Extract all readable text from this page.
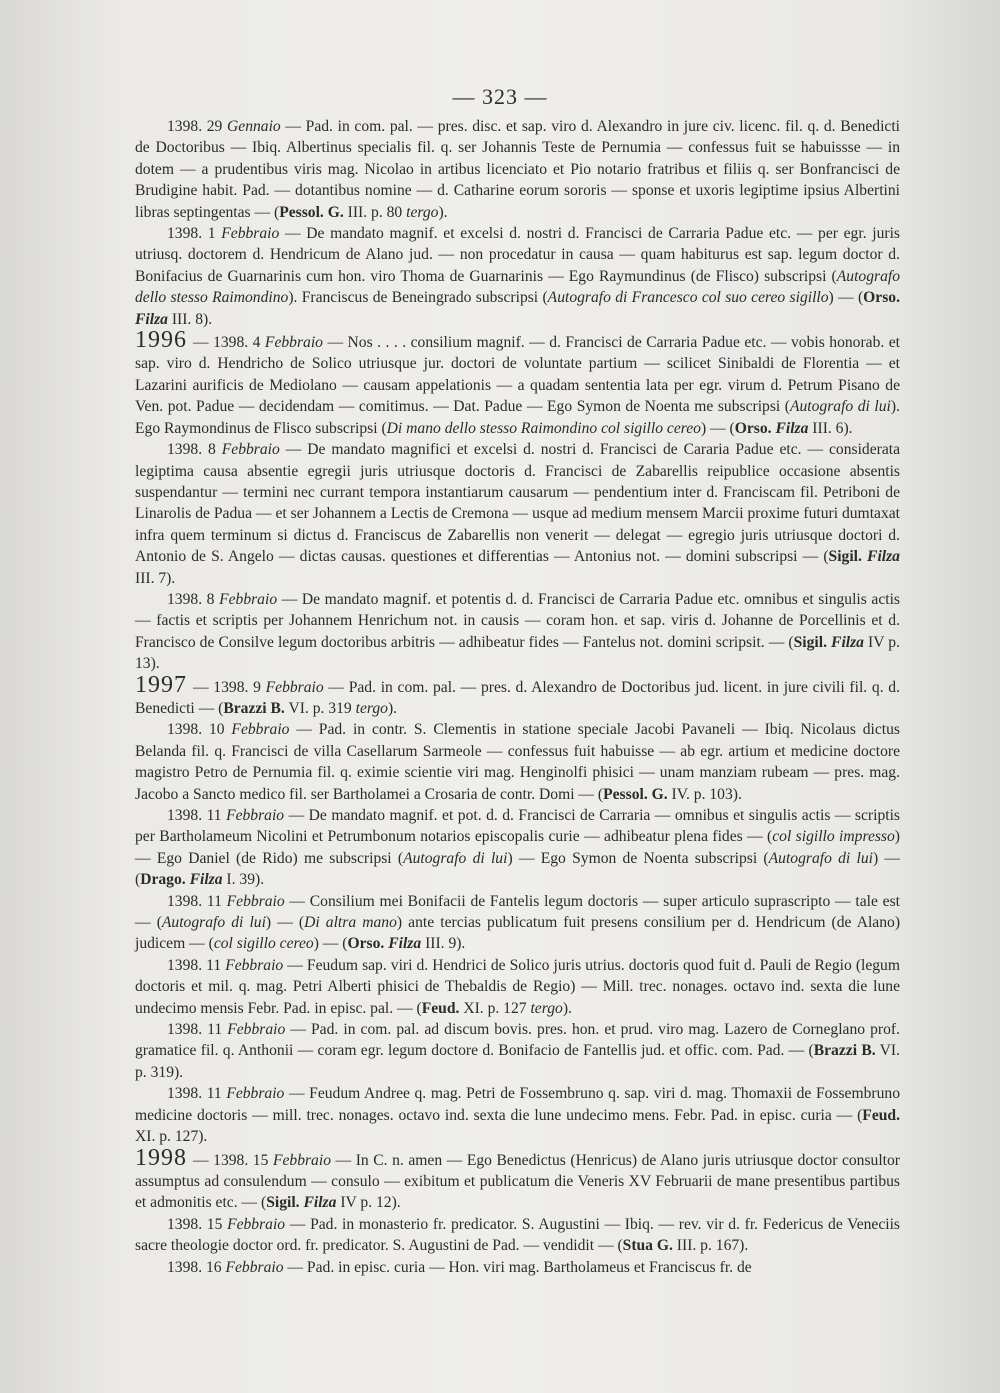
— 323 —

1398. 29 Gennaio — Pad. in com. pal. — pres. disc. et sap. viro d. Alexandro in jure civ. licenc. fil. q. d. Benedicti de Doctoribus — Ibiq. Albertinus specialis fil. q. ser Johannis Teste de Pernumia — confessus fuit se habuissse — in dotem — a prudentibus viris mag. Nicolao in artibus licenciato et Pio notario fratribus et filiis q. ser Bonfrancisci de Brudigine habit. Pad. — dotantibus nomine — d. Catharine eorum sororis — sponse et uxoris legiptime ipsius Albertini libras septingentas — (Pessol. G. III. p. 80 tergo).

1398. 1 Febbraio — De mandato magnif. et excelsi d. nostri d. Francisci de Carraria Padue etc. — per egr. juris utriusq. doctorem d. Hendricum de Alano jud. — non procedatur in causa — quam habiturus est sap. legum doctor d. Bonifacius de Guarnarinis cum hon. viro Thoma de Guarnarinis — Ego Raymundinus (de Flisco) subscripsi (Autografo dello stesso Raimondino). Franciscus de Beneingrado subscripsi (Autografo di Francesco col suo cereo sigillo) — (Orso. Filza III. 8).

1996 — 1398. 4 Febbraio — Nos . . . . consilium magnif. — d. Francisci de Carraria Padue etc. — vobis honorab. et sap. viro d. Hendricho de Solico utriusque jur. doctori de voluntate partium — scilicet Sinibaldi de Florentia — et Lazarini aurificis de Mediolano — causam appelationis — a quadam sententia lata per egr. virum d. Petrum Pisano de Ven. pot. Padue — decidendam — comitimus. — Dat. Padue — Ego Symon de Noenta me subscripsi (Autografo di lui). Ego Raymondinus de Flisco subscripsi (Di mano dello stesso Raimondino col sigillo cereo) — (Orso. Filza III. 6).

1398. 8 Febbraio — De mandato magnifici et excelsi d. nostri d. Francisci de Cararia Padue etc. — considerata legiptima causa absentie egregii juris utriusque doctoris d. Francisci de Zabarellis reipublice occasione absentis suspendantur — termini nec currant tempora instantiarum causarum — pendentium inter d. Franciscam fil. Petriboni de Linarolis de Padua — et ser Johannem a Lectis de Cremona — usque ad medium mensem Marcii proxime futuri dumtaxat infra quem terminum si dictus d. Franciscus de Zabarellis non venerit — delegat — egregio juris utriusque doctori d. Antonio de S. Angelo — dictas causas. questiones et differentias — Antonius not. — domini subscripsi — (Sigil. Filza III. 7).

1398. 8 Febbraio — De mandato magnif. et potentis d. d. Francisci de Carraria Padue etc. omnibus et singulis actis — factis et scriptis per Johannem Henrichum not. in causis — coram hon. et sap. viris d. Johanne de Porcellinis et d. Francisco de Consilve legum doctoribus arbitris — adhibeatur fides — Fantelus not. domini scripsit. — (Sigil. Filza IV p. 13).

1997 — 1398. 9 Febbraio — Pad. in com. pal. — pres. d. Alexandro de Doctoribus jud. licent. in jure civili fil. q. d. Benedicti — (Brazzi B. VI. p. 319 tergo).

1398. 10 Febbraio — Pad. in contr. S. Clementis in statione speciale Jacobi Pavaneli — Ibiq. Nicolaus dictus Belanda fil. q. Francisci de villa Casellarum Sarmeole — confessus fuit habuisse — ab egr. artium et medicine doctore magistro Petro de Pernumia fil. q. eximie scientie viri mag. Henginolfi phisici — unam manziam rubeam — pres. mag. Jacobo a Sancto medico fil. ser Bartholamei a Crosaria de contr. Domi — (Pessol. G. IV. p. 103).

1398. 11 Febbraio — De mandato magnif. et pot. d. d. Francisci de Carraria — omnibus et singulis actis — scriptis per Bartholameum Nicolini et Petrumbonum notarios episcopalis curie — adhibeatur plena fides — (col sigillo impresso) — Ego Daniel (de Rido) me subscripsi (Autografo di lui) — Ego Symon de Noenta subscripsi (Autografo di lui) — (Drago. Filza I. 39).

1398. 11 Febbraio — Consilium mei Bonifacii de Fantelis legum doctoris — super articulo suprascripto — tale est — (Autografo di lui) — (Di altra mano) ante tercias publicatum fuit presens consilium per d. Hendricum (de Alano) judicem — (col sigillo cereo) — (Orso. Filza III. 9).

1398. 11 Febbraio — Feudum sap. viri d. Hendrici de Solico juris utrius. doctoris quod fuit d. Pauli de Regio (legum doctoris et mil. q. mag. Petri Alberti phisici de Thebaldis de Regio) — Mill. trec. nonages. octavo ind. sexta die lune undecimo mensis Febr. Pad. in episc. pal. — (Feud. XI. p. 127 tergo).

1398. 11 Febbraio — Pad. in com. pal. ad discum bovis. pres. hon. et prud. viro mag. Lazero de Corneglano prof. gramatice fil. q. Anthonii — coram egr. legum doctore d. Bonifacio de Fantellis jud. et offic. com. Pad. — (Brazzi B. VI. p. 319).

1398. 11 Febbraio — Feudum Andree q. mag. Petri de Fossembruno q. sap. viri d. mag. Thomaxii de Fossembruno medicine doctoris — mill. trec. nonages. octavo ind. sexta die lune undecimo mens. Febr. Pad. in episc. curia — (Feud. XI. p. 127).

1998 — 1398. 15 Febbraio — In C. n. amen — Ego Benedictus (Henricus) de Alano juris utriusque doctor consultor assumptus ad consulendum — consulo — exibitum et publicatum die Veneris XV Februarii de mane presentibus partibus et admonitis etc. — (Sigil. Filza IV p. 12).

1398. 15 Febbraio — Pad. in monasterio fr. predicator. S. Augustini — Ibiq. — rev. vir d. fr. Federicus de Veneciis sacre theologie doctor ord. fr. predicator. S. Augustini de Pad. — vendidit — (Stua G. III. p. 167).

1398. 16 Febbraio — Pad. in episc. curia — Hon. viri mag. Bartholameus et Franciscus fr. de
